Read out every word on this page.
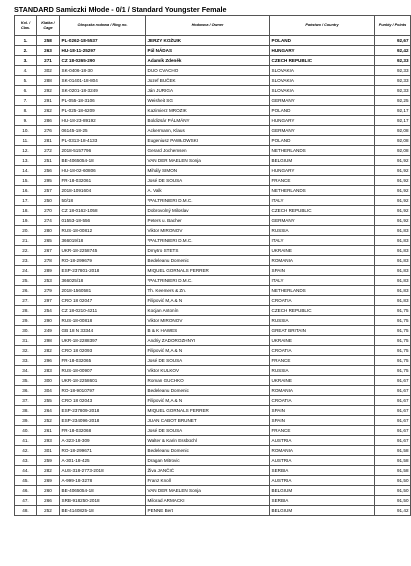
STANDARD Samiczki Młode - 0/1 / Standard Youngster Female
Kol. / Clas.	Klatka / Cage	Obrączka rodowa / Ring no.	Hodowca / Owner	Państwo / Country	Punkty / Points
1.	258	PL-0262-18-5537	JERZY KOŻUIK	POLAND	92,67
2.	263	HU-18-11-25297	Pál NÁDAS	HUNGARY	92,42
3.	271	CZ 18-0265-290	Adamík Zdeněk	CZECH REPUBLIC	92,33
4.	302	SK-0406-18-30	DUO CVACHO	SLOVAKIA	92,33
5.	288	SK-01401-18-804	Jozef BUČEK	SLOVAKIA	92,33
6.	292	SK-0201-18-3249	Ján JURIGA	SLOVAKIA	92,33
7.	291	PL-055-18-3106	Weisheit SG	GERMANY	92,25
8.	262	PL-025-18-6209	Kazimierz MROZIK	POLAND	92,17
9.	286	HU-18-23-89192	Boldizsár PÁLMÁNY	HUNGARY	92,17
10.	276	06145-18-25	Ackermann, Klaus	GERMANY	92,08
11.	281	PL-0313-18-4133	Eugeniusz PAWŁOWSKI	POLAND	92,08
12.	272	2018-5157796	Gerard Jochemsen	NETHERLANDS	92,08
13.	251	BE-4065054-18	VAN DER MAELEN Sonja	BELGIUM	91,92
14.	256	HU-18-02-60806	Mihály SIMON	HUNGARY	91,92
15.	295	FR-18-032061	José DE SOUSA	FRANCE	91,92
16.	257	2018-1091604	A. Valk	NETHERLANDS	91,92
17.	250	50/18	*PALTRINIERI D.M.C.	ITALY	91,92
18.	270	CZ 18-0162-1058	Dobrovolný Miloslav	CZECH REPUBLIC	91,92
19.	274	01553-18-556	Peters u. Bacher	GERMANY	91,92
20.	280	RUS-18-00812	Viktor MIRONOV	RUSSIA	91,83
21.	265	366019/18	*PALTRINIERI D.M.C.	ITALY	91,83
22.	267	UKR-18-2258745	Dmytro STETS	UKRAINE	91,83
23.	278	RO-18-299679	Bedeleanu Domenic	ROMANIA	91,83
24.	289	ESP-237801-2018	MIQUEL GORNALS FERRER	SPAIN	91,83
25.	253	366025/18	*PALTRINIERI D.M.C.	ITALY	91,83
26.	279	2018-1560581	Th. Keemers & Zn.	NETHERLANDS	91,83
27.	297	CRO 18 02047	Filipović M,A & N	CROATIA	91,83
28.	254	CZ 18-0210-4211	Kocjan Antonín	CZECH REPUBLIC	91,75
29.	290	RUS-18-00818	Viktor MIRONOV	RUSSIA	91,75
30.	249	GB 18 N 33344	B & K HAWES	GREAT BRITAIN	91,75
31.	298	UKR-18-2288397	Andriy ZADOROZHNYI	UKRAINE	91,75
32.	282	CRO 18 02093	Filipović M,A & N	CROATIA	91,75
33.	296	FR-18-032065	José DE SOUSA	FRANCE	91,75
34.	283	RUS-18-00907	Viktor KULKOV	RUSSIA	91,75
35.	300	UKR-18-2258601	Roman GUCHKO	UKRAINE	91,67
36.	304	RO-18-9010797	Bedeleanu Domenic	ROMANIA	91,67
37.	255	CRO 18 02043	Filipović M,A & N	CROATIA	91,67
38.	264	ESP-237809-2018	MIQUEL GORNALS FERRER	SPAIN	91,67
39.	252	ESP-234096-2018	JUAN CABOT BRUNET	SPAIN	91,67
40.	261	FR-18-032068	José DE SOUSA	FRANCE	91,67
41.	293	A-323-18-309	Walter & Karin Essbüchl	AUSTRIA	91,67
42.	301	RO-18-299671	Bedeleanu Domenic	ROMANIA	91,58
43.	259	A-301-18-425	Dragan Mitrovic	AUSTRIA	91,58
44.	282	AUS-318-2773-2018	Živa JANČIĆ	SERBIA	91,58
45.	269	A-999-18-3278	Franz Knoll	AUSTRIA	91,50
46.	260	BE-4065054-18	VAN DER MAELEN Sonja	BELGIUM	91,50
47.	266	SRB-918250-2018	Milorad ARMACKI	SERBIA	91,50
48.	252	BE-4140825-18	PENNE Bert	BELGIUM	91,42
